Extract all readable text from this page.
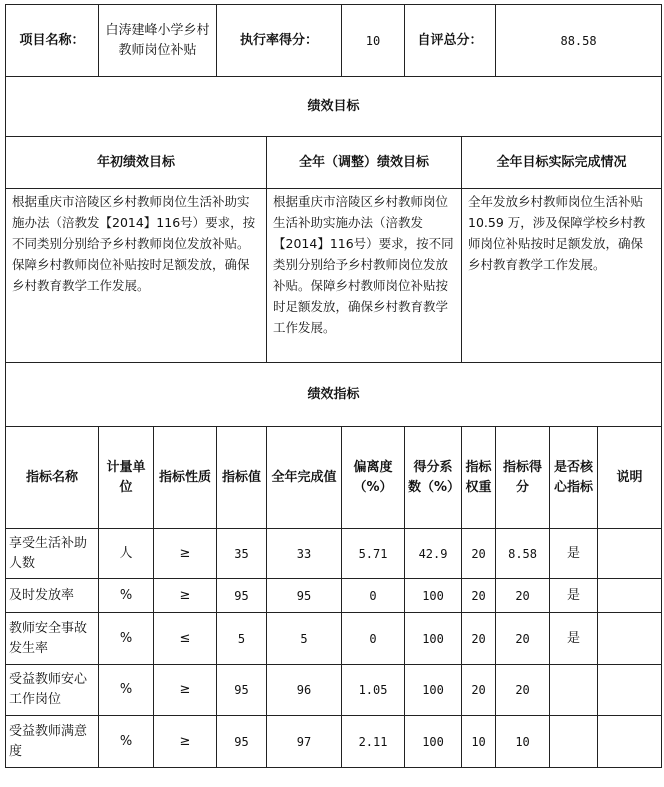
项目名称：	白涛建峰小学乡村教师岗位补贴		执行率得分：		10	自评总分：		88.58		
绩效目标										
年初绩效目标				全年（调整）绩效目标			全年目标实际完成情况			
根据重庆市涪陵区乡村教师岗位生活补助实施办法（涪教发【2014】116号）要求，按不同类别分别给予乡村教师岗位发放补贴。保障乡村教师岗位补贴按时足额发放，确保乡村教育教学工作发展。				根据重庆市涪陵区乡村教师岗位生活补助实施办法（涪教发【2014】116号）要求，按不同类别分别给予乡村教师岗位发放补贴。保障乡村教师岗位补贴按时足额发放，确保乡村教育教学工作发展。			全年发放乡村教师岗位生活补贴 10.59 万，涉及保障学校乡村教师岗位补贴按时足额发放，确保乡村教育教学工作发展。			
绩效指标										
指标名称	计量单位	指标性质	指标值	全年完成值	偏离度（%）	得分系数（%）	指标权重	指标得分	是否核心指标	说明
享受生活补助人数	人	≥	35	33	5.71	42.9	20	8.58	是	
及时发放率	%	≥	95	95	0	100	20	20	是	
教师安全事故发生率	%	≤	5	5	0	100	20	20	是	
受益教师安心工作岗位	%	≥	95	96	1.05	100	20	20		
受益教师满意度	%	≥	95	97	2.11	100	10	10		
